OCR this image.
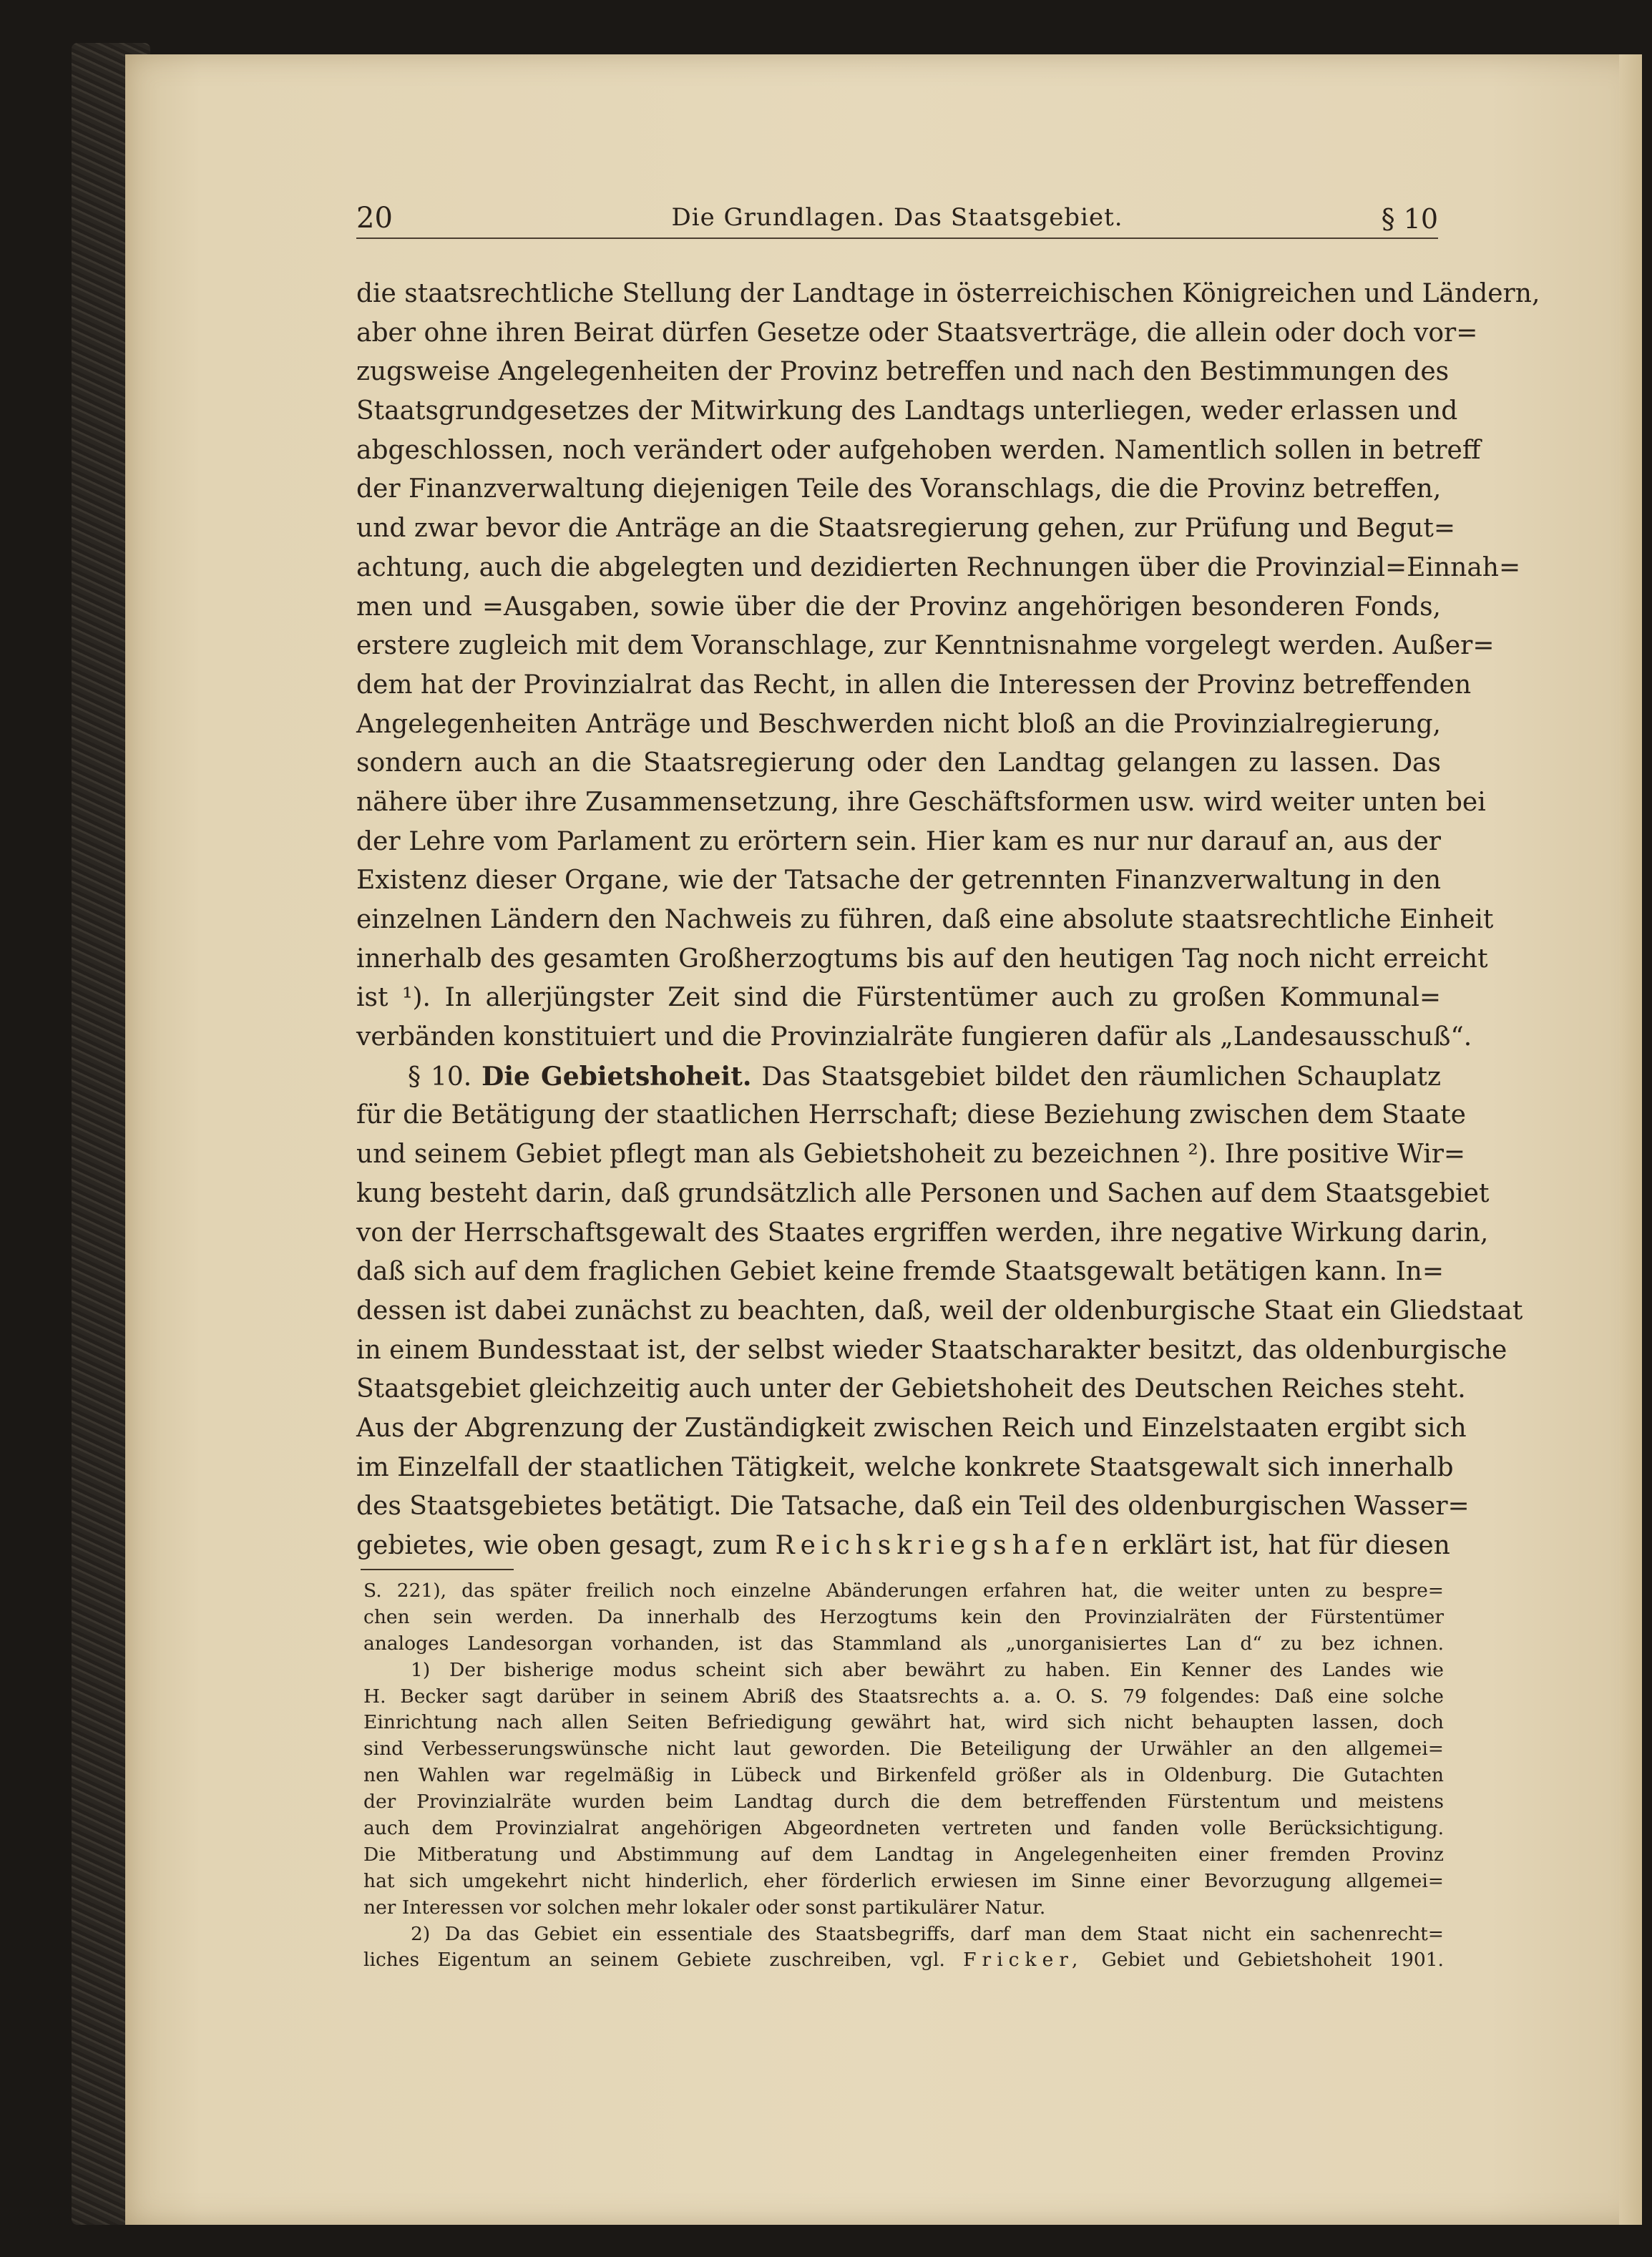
20	Die Grundlagen. Das Staatsgebiet.	§ 10
die staatsrechtliche Stellung der Landtage in österreichischen Königreichen und Ländern,
aber ohne ihren Beirat dürfen Gesetze oder Staatsverträge, die allein oder doch vor=
zugsweise Angelegenheiten der Provinz betreffen und nach den Bestimmungen des
Staatsgrundgesetzes der Mitwirkung des Landtags unterliegen, weder erlassen und
abgeschlossen, noch verändert oder aufgehoben werden. Namentlich sollen in betreff
der Finanzverwaltung diejenigen Teile des Voranschlags, die die Provinz betreffen,
und zwar bevor die Anträge an die Staatsregierung gehen, zur Prüfung und Begut=
achtung, auch die abgelegten und dezidierten Rechnungen über die Provinzial=Einnah=
men und =Ausgaben, sowie über die der Provinz angehörigen besonderen Fonds,
erstere zugleich mit dem Voranschlage, zur Kenntnisnahme vorgelegt werden. Außer=
dem hat der Provinzialrat das Recht, in allen die Interessen der Provinz betreffenden
Angelegenheiten Anträge und Beschwerden nicht bloß an die Provinzialregierung,
sondern auch an die Staatsregierung oder den Landtag gelangen zu lassen. Das
nähere über ihre Zusammensetzung, ihre Geschäftsformen usw. wird weiter unten bei
der Lehre vom Parlament zu erörtern sein. Hier kam es nur nur darauf an, aus der
Existenz dieser Organe, wie der Tatsache der getrennten Finanzverwaltung in den
einzelnen Ländern den Nachweis zu führen, daß eine absolute staatsrechtliche Einheit
innerhalb des gesamten Großherzogtums bis auf den heutigen Tag noch nicht erreicht
ist ¹). In allerjüngster Zeit sind die Fürstentümer auch zu großen Kommunal=
verbänden konstituiert und die Provinzialräte fungieren dafür als „Landesausschuß“.
§ 10. Die Gebietshoheit. Das Staatsgebiet bildet den räumlichen Schauplatz
für die Betätigung der staatlichen Herrschaft; diese Beziehung zwischen dem Staate
und seinem Gebiet pflegt man als Gebietshoheit zu bezeichnen ²). Ihre positive Wir=
kung besteht darin, daß grundsätzlich alle Personen und Sachen auf dem Staatsgebiet
von der Herrschaftsgewalt des Staates ergriffen werden, ihre negative Wirkung darin,
daß sich auf dem fraglichen Gebiet keine fremde Staatsgewalt betätigen kann. In=
dessen ist dabei zunächst zu beachten, daß, weil der oldenburgische Staat ein Gliedstaat
in einem Bundesstaat ist, der selbst wieder Staatscharakter besitzt, das oldenburgische
Staatsgebiet gleichzeitig auch unter der Gebietshoheit des Deutschen Reiches steht.
Aus der Abgrenzung der Zuständigkeit zwischen Reich und Einzelstaaten ergibt sich
im Einzelfall der staatlichen Tätigkeit, welche konkrete Staatsgewalt sich innerhalb
des Staatsgebietes betätigt. Die Tatsache, daß ein Teil des oldenburgischen Wasser=
gebietes, wie oben gesagt, zum Reichskriegshafen erklärt ist, hat für diesen
S. 221), das später freilich noch einzelne Abänderungen erfahren hat, die weiter unten zu bespre=
chen sein werden. Da innerhalb des Herzogtums kein den Provinzialräten der Fürstentümer
analoges Landesorgan vorhanden, ist das Stammland als „unorganisiertes Lan d“ zu bez ichnen.
1) Der bisherige modus scheint sich aber bewährt zu haben. Ein Kenner des Landes wie
H. Becker sagt darüber in seinem Abriß des Staatsrechts a. a. O. S. 79 folgendes: Daß eine solche
Einrichtung nach allen Seiten Befriedigung gewährt hat, wird sich nicht behaupten lassen, doch
sind Verbesserungswünsche nicht laut geworden. Die Beteiligung der Urwähler an den allgemei=
nen Wahlen war regelmäßig in Lübeck und Birkenfeld größer als in Oldenburg. Die Gutachten
der Provinzialräte wurden beim Landtag durch die dem betreffenden Fürstentum und meistens
auch dem Provinzialrat angehörigen Abgeordneten vertreten und fanden volle Berücksichtigung.
Die Mitberatung und Abstimmung auf dem Landtag in Angelegenheiten einer fremden Provinz
hat sich umgekehrt nicht hinderlich, eher förderlich erwiesen im Sinne einer Bevorzugung allgemei=
ner Interessen vor solchen mehr lokaler oder sonst partikulärer Natur.
2) Da das Gebiet ein essentiale des Staatsbegriffs, darf man dem Staat nicht ein sachenrecht=
liches Eigentum an seinem Gebiete zuschreiben, vgl. Fricker, Gebiet und Gebietshoheit 1901.
